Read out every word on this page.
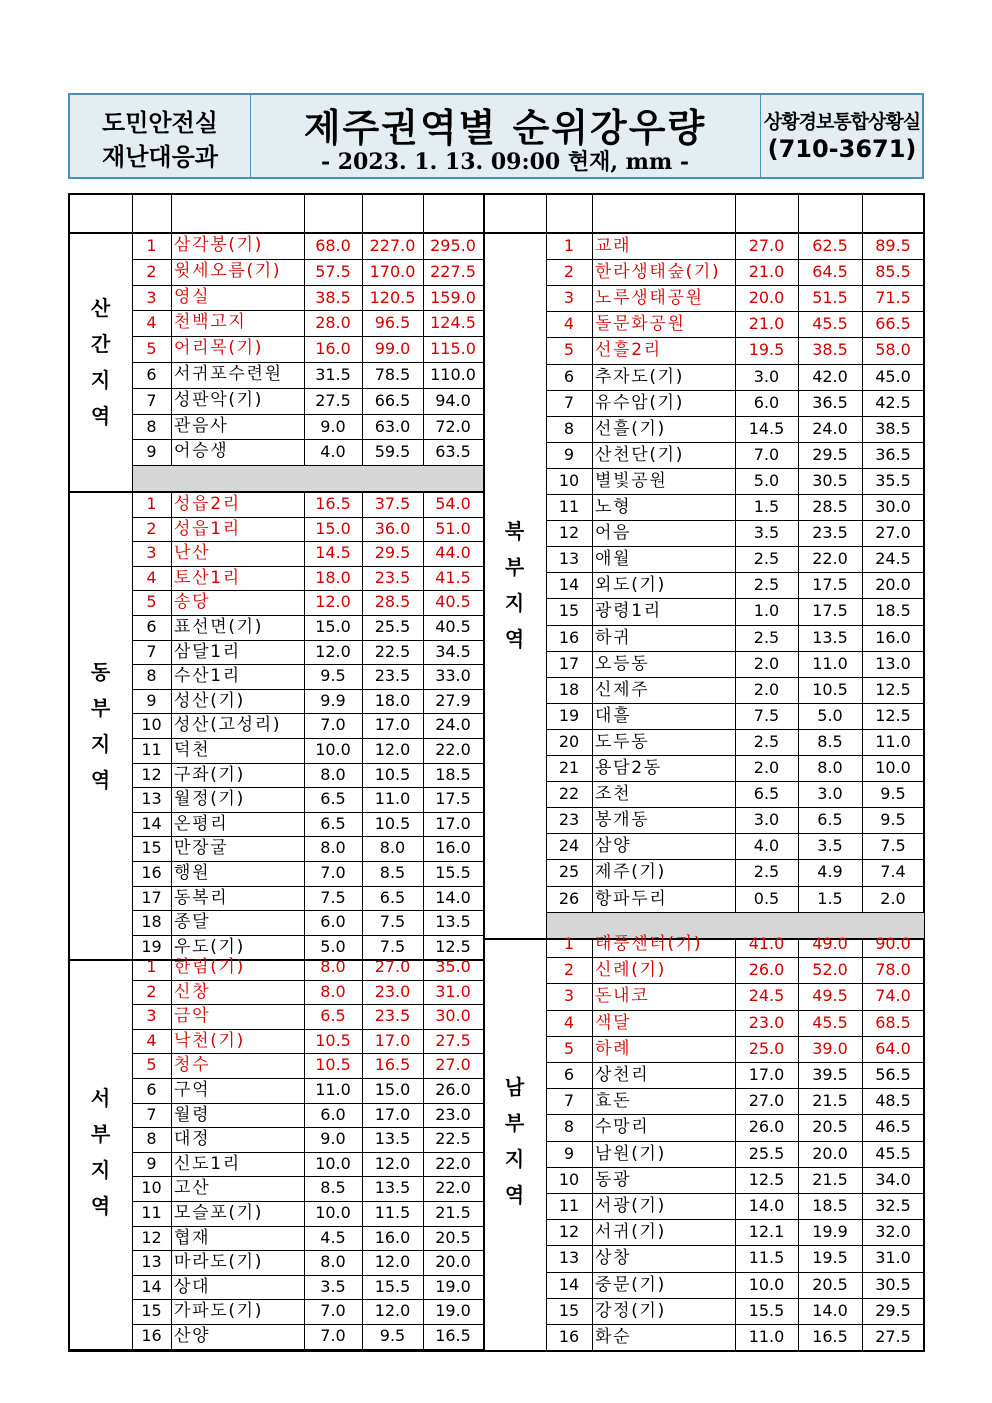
도민안전실
재난대응과
제주권역별 순위강우량
- 2023. 1. 13. 09:00 현재, mm -
상황경보통합상황실
(710-3671)
산
간
지
역
1	삼 각 봉 ( 기 )	68.0	227.0 295.0
2	윗 세 오 름 ( 기 )	57.5	170.0 227.5
3	영 실	38.5	120.5 159.0
4	천 백 고 지	28.0	96.5	124.5
5	어 리 목 ( 기 )	16.0	99.0	115.0
6	서 귀 포 수 련 원	31.5	78.5	110.0
7	성 판 악 ( 기 )	27.5	66.5	94.0
8	관 음 사	9.0	63.0	72.0
9	어 승 생	4.0	59.5	63.5
동
부
지
역
1	성 읍 2 리	16.5	37.5	54.0
2	성 읍 1 리	15.0	36.0	51.0
3	난 산	14.5	29.5	44.0
4	토 산 1 리	18.0	23.5	41.5
5	송 당	12.0	28.5	40.5
6	표 선 면 ( 기 )	15.0	25.5	40.5
7	삼 달 1 리	12.0	22.5	34.5
8	수 산 1 리	9.5	23.5	33.0
9	성 산 ( 기 )	9.9	18.0	27.9
10 성 산 ( 고 성 리 )	7.0	17.0	24.0
11 덕 천	10.0	12.0	22.0
12 구 좌 ( 기 )	8.0	10.5	18.5
13 월 정 ( 기 )	6.5	11.0	17.5
14 온 평 리	6.5	10.5	17.0
15 만 장 굴	8.0	8.0	16.0
16 행 원	7.0	8.5	15.5
17 동 복 리	7.5	6.5	14.0
18 종 달	6.0	7.5	13.5
19 우 도 ( 기 )	5.0	7.5	12.5
서
부
지
역
1	한 림 ( 기 )	8.0	27.0	35.0
2	신 창	8.0	23.0	31.0
3	금 악	6.5	23.5	30.0
4	낙 천 ( 기 )	10.5	17.0	27.5
5	청 수	10.5	16.5	27.0
6	구 억	11.0	15.0	26.0
7	월 령	6.0	17.0	23.0
8	대 정	9.0	13.5	22.5
9	신 도 1 리	10.0	12.0	22.0
10 고 산	8.5	13.5	22.0
11 모 슬 포 ( 기 )	10.0	11.5	21.5
12 협 재	4.5	16.0	20.5
13 마 라 도 ( 기 )	8.0	12.0	20.0
14 상 대	3.5	15.5	19.0
15 가 파 도 ( 기 )	7.0	12.0	19.0
16 산 양	7.0	9.5	16.5
북
부
지
역
1	교 래	27.0	62.5	89.5
2	한 라 생 태 숲 ( 기 )	21.0	64.5	85.5
3	노 루 생 태 공 원	20.0	51.5	71.5
4	돌 문 화 공 원	21.0	45.5	66.5
5	선 흘 2 리	19.5	38.5	58.0
6	추 자 도 ( 기 )	3.0	42.0	45.0
7	유 수 암 ( 기 )	6.0	36.5	42.5
8	선 흘 ( 기 )	14.5	24.0	38.5
9	산 천 단 ( 기 )	7.0	29.5	36.5
10 별 빛 공 원	5.0	30.5	35.5
11 노 형	1.5	28.5	30.0
12 어 음	3.5	23.5	27.0
13 애 월	2.5	22.0	24.5
14 외 도 ( 기 )	2.5	17.5	20.0
15 광 령 1 리	1.0	17.5	18.5
16 하 귀	2.5	13.5	16.0
17 오 등 동	2.0	11.0	13.0
18 신 제 주	2.0	10.5	12.5
19 대 흘	7.5	5.0	12.5
20 도 두 동	2.5	8.5	11.0
21 용 담 2 동	2.0	8.0	10.0
22 조 천	6.5	3.0	9.5
23 봉 개 동	3.0	6.5	9.5
24 삼 양	4.0	3.5	7.5
25 제 주 ( 기 )	2.5	4.9	7.4
26 항 파 두 리	0.5	1.5	2.0
남
부
지
역
1	태 풍 센 터 ( 기 )	41.0	49.0	90.0
2	신 례 ( 기 )	26.0	52.0	78.0
3	돈 내 코	24.5	49.5	74.0
4	색 달	23.0	45.5	68.5
5	하 례	25.0	39.0	64.0
6	상 천 리	17.0	39.5	56.5
7	효 돈	27.0	21.5	48.5
8	수 망 리	26.0	20.5	46.5
9	남 원 ( 기 )	25.5	20.0	45.5
10 동 광	12.5	21.5	34.0
11 서 광 ( 기 )	14.0	18.5	32.5
12 서 귀 ( 기 )	12.1	19.9	32.0
13 상 창	11.5	19.5	31.0
14 중 문 ( 기 )	10.0	20.5	30.5
15 강 정 ( 기 )	15.5	14.0	29.5
16 화 순	11.0	16.5	27.5
